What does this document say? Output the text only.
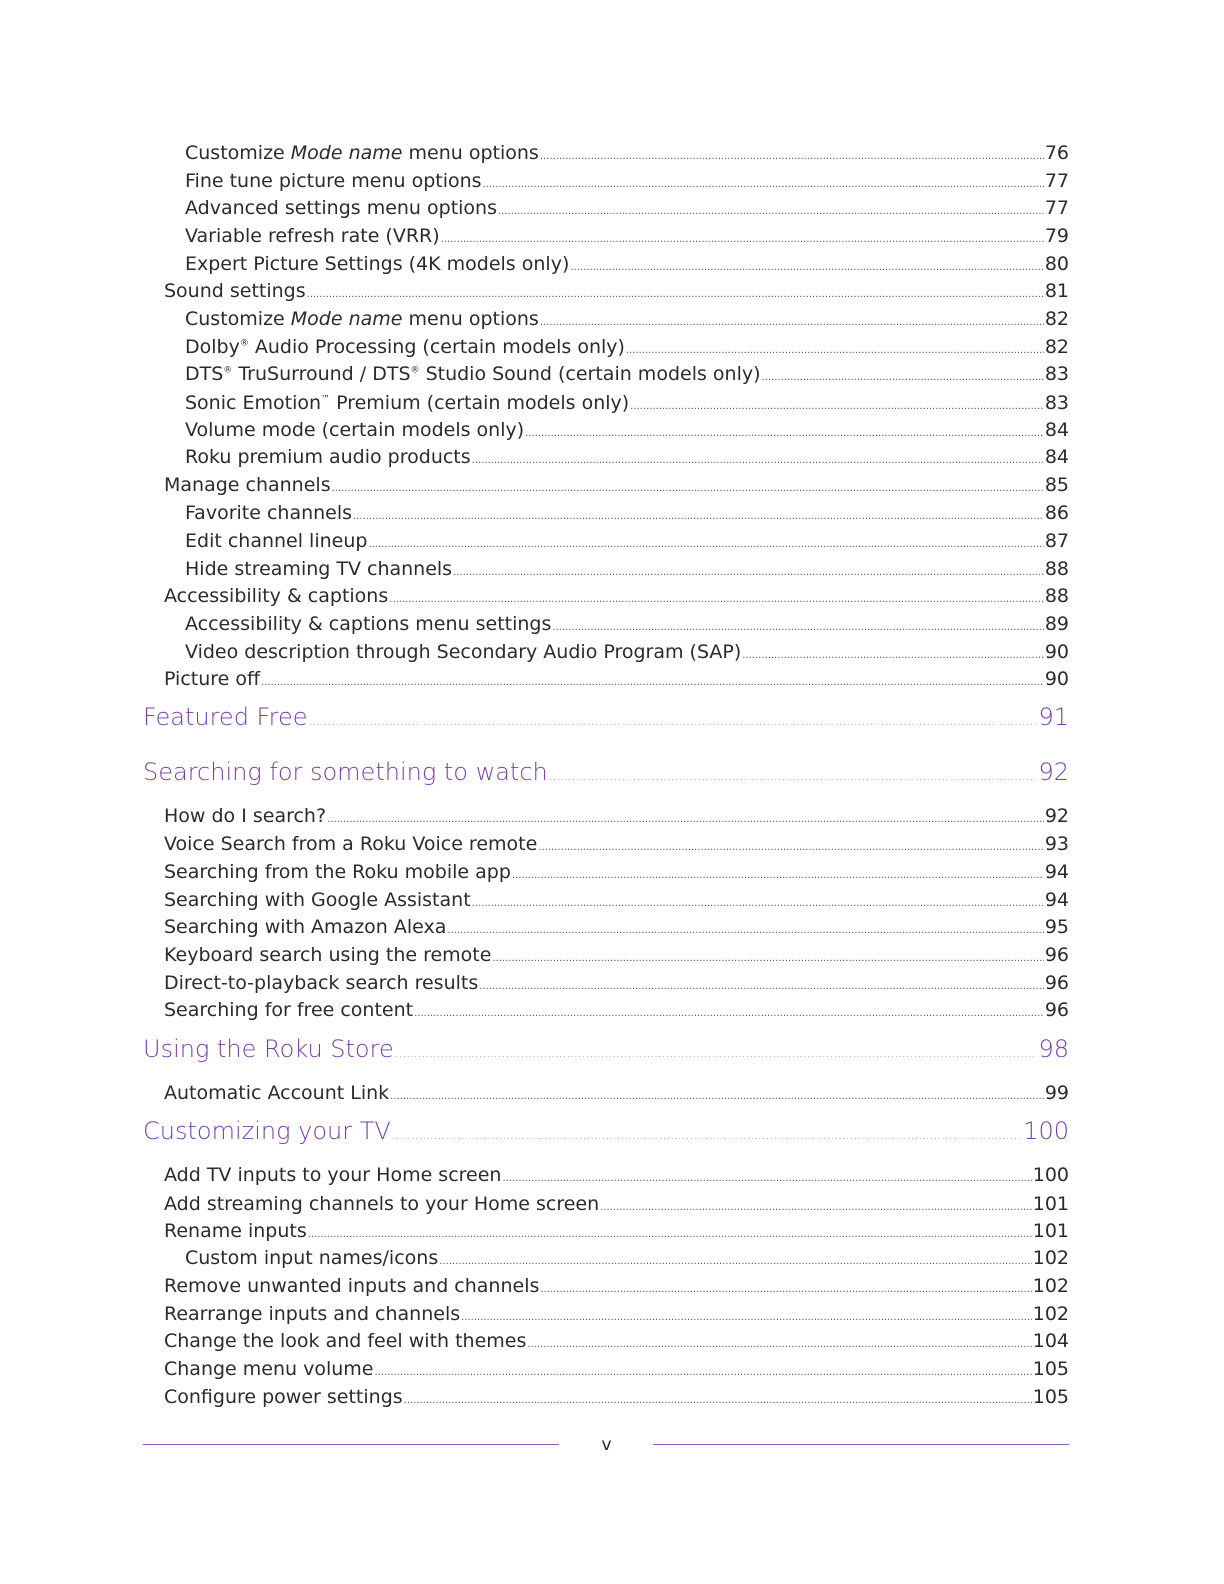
Customize Mode name menu options .....	76
Fine tune picture menu options .....	77
Advanced settings menu options .....	77
Variable refresh rate (VRR) .....	79
Expert Picture Settings (4K models only) .....	80
Sound settings .....	81
Customize Mode name menu options .....	82
Dolby® Audio Processing (certain models only) .....	82
DTS® TruSurround / DTS® Studio Sound (certain models only) .....	83
Sonic Emotion™ Premium (certain models only) .....	83
Volume mode (certain models only) .....	84
Roku premium audio products .....	84
Manage channels .....	85
Favorite channels .....	86
Edit channel lineup .....	87
Hide streaming TV channels .....	88
Accessibility & captions .....	88
Accessibility & captions menu settings .....	89
Video description through Secondary Audio Program (SAP) .....	90
Picture off .....	90
Featured Free .....	91
Searching for something to watch .....	92
How do I search? .....	92
Voice Search from a Roku Voice remote .....	93
Searching from the Roku mobile app .....	94
Searching with Google Assistant .....	94
Searching with Amazon Alexa .....	95
Keyboard search using the remote .....	96
Direct-to-playback search results .....	96
Searching for free content .....	96
Using the Roku Store .....	98
Automatic Account Link .....	99
Customizing your TV .....	100
Add TV inputs to your Home screen .....	100
Add streaming channels to your Home screen .....	101
Rename inputs .....	101
Custom input names/icons .....	102
Remove unwanted inputs and channels .....	102
Rearrange inputs and channels .....	102
Change the look and feel with themes .....	104
Change menu volume .....	105
Configure power settings .....	105
v
